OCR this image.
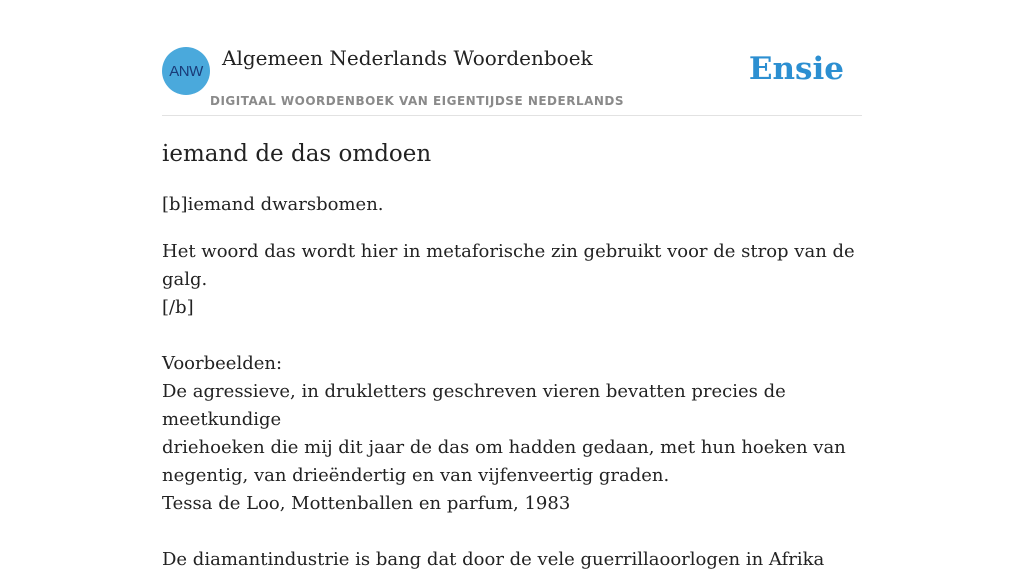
ANW
Algemeen Nederlands Woordenboek
DIGITAAL WOORDENBOEK VAN EIGENTIJDSE NEDERLANDS
Ensie
iemand de das omdoen

[b]iemand dwarsbomen.

Het woord das wordt hier in metaforische zin gebruikt voor de strop van de galg.
[/b]
Voorbeelden:
De agressieve, in drukletters geschreven vieren bevatten precies de meetkundige
driehoeken die mij dit jaar de das om hadden gedaan, met hun hoeken van
negentig, van drieëndertig en van vijfenveertig graden.
Tessa de Loo, Mottenballen en parfum, 1983
De diamantindustrie is bang dat door de vele guerrillaoorlogen in Afrika
